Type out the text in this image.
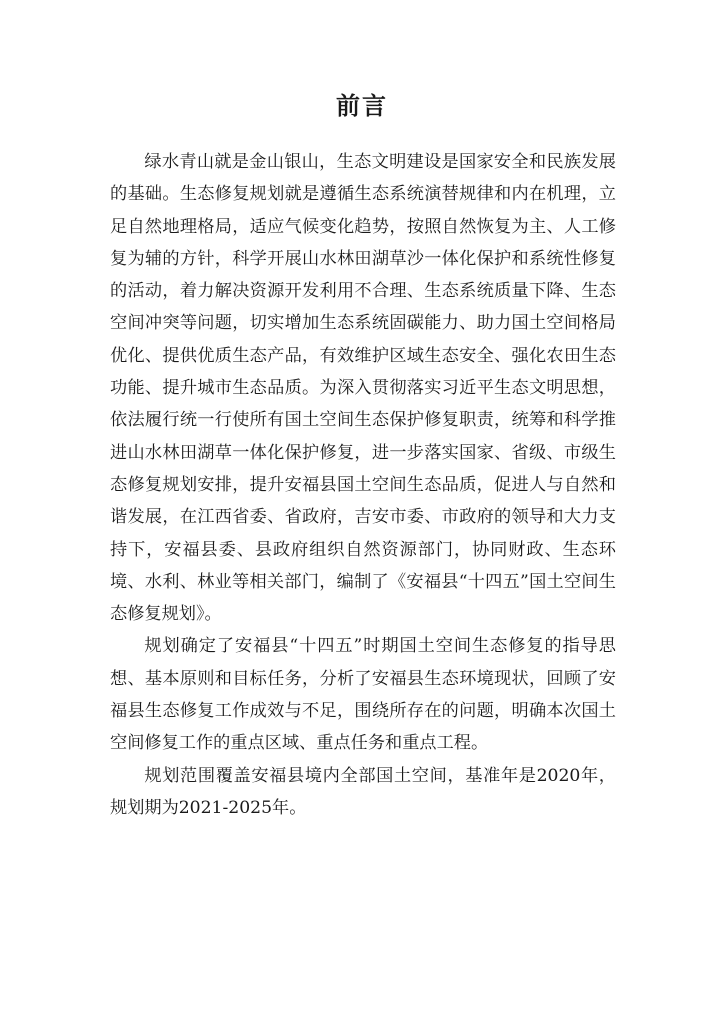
前言

绿水青山就是金山银山，生态文明建设是国家安全和民族发展的基础。生态修复规划就是遵循生态系统演替规律和内在机理，立足自然地理格局，适应气候变化趋势，按照自然恢复为主、人工修复为辅的方针，科学开展山水林田湖草沙一体化保护和系统性修复的活动，着力解决资源开发利用不合理、生态系统质量下降、生态空间冲突等问题，切实增加生态系统固碳能力、助力国土空间格局优化、提供优质生态产品，有效维护区域生态安全、强化农田生态功能、提升城市生态品质。为深入贯彻落实习近平生态文明思想，依法履行统一行使所有国土空间生态保护修复职责，统筹和科学推进山水林田湖草一体化保护修复，进一步落实国家、省级、市级生态修复规划安排，提升安福县国土空间生态品质，促进人与自然和谐发展，在江西省委、省政府，吉安市委、市政府的领导和大力支持下，安福县委、县政府组织自然资源部门，协同财政、生态环境、水利、林业等相关部门，编制了《安福县“十四五”国土空间生态修复规划》。

规划确定了安福县“十四五”时期国土空间生态修复的指导思想、基本原则和目标任务，分析了安福县生态环境现状，回顾了安福县生态修复工作成效与不足，围绕所存在的问题，明确本次国土空间修复工作的重点区域、重点任务和重点工程。

规划范围覆盖安福县境内全部国土空间，基准年是2020年，规划期为2021-2025年。
